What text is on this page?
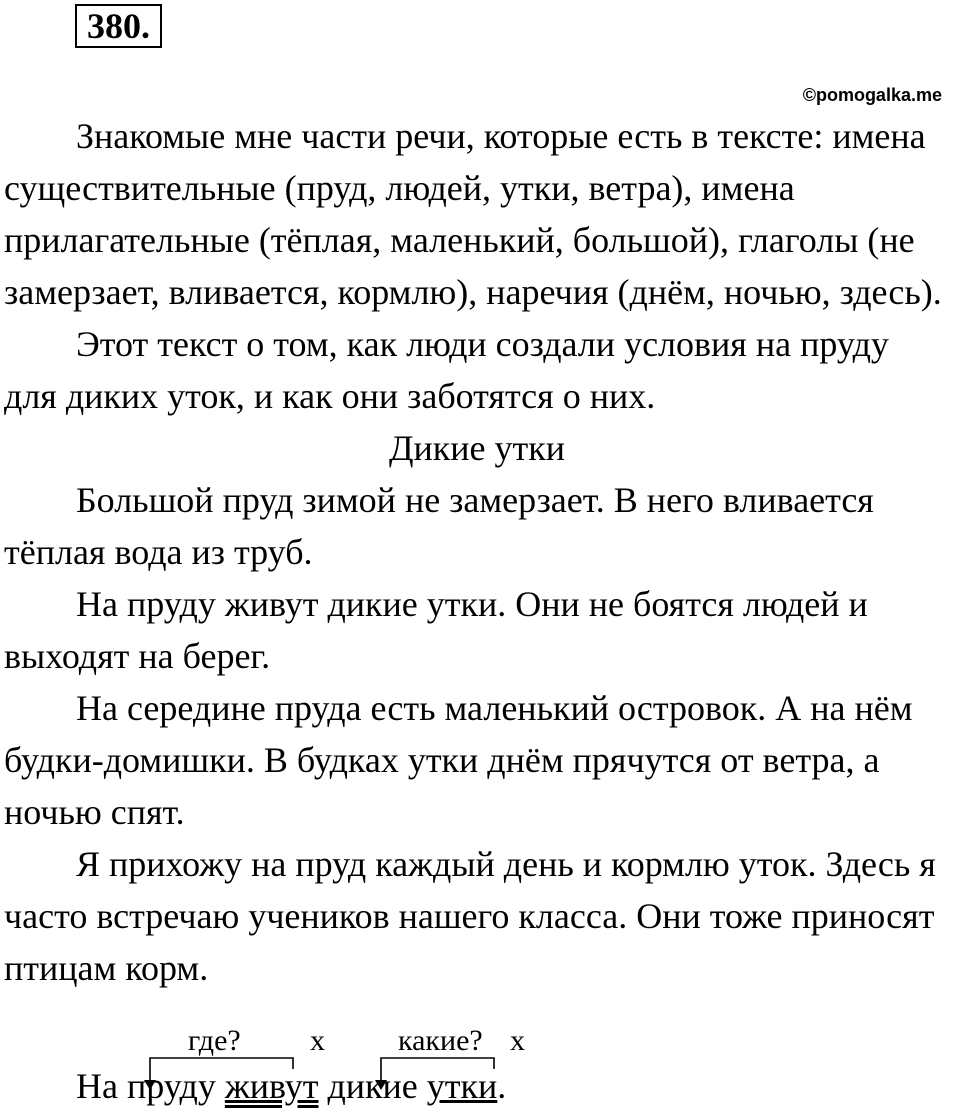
380.
©pomogalka.me

Знакомые мне части речи, которые есть в тексте: имена существительные (пруд, людей, утки, ветра), имена прилагательные (тёплая, маленький, большой), глаголы (не замерзает, вливается, кормлю), наречия (днём, ночью, здесь).

Этот текст о том, как люди создали условия на пруду для диких уток, и как они заботятся о них.

Дикие утки

Большой пруд зимой не замерзает. В него вливается тёплая вода из труб.

На пруду живут дикие утки. Они не боятся людей и выходят на берег.

На середине пруда есть маленький островок. А на нём будки-домишки. В будках утки днём прячутся от ветра, а ночью спят.

Я прихожу на пруд каждый день и кормлю уток. Здесь я часто встречаю учеников нашего класса. Они тоже приносят птицам корм.

где? х какие? х
На пруду живут дикие утки.
